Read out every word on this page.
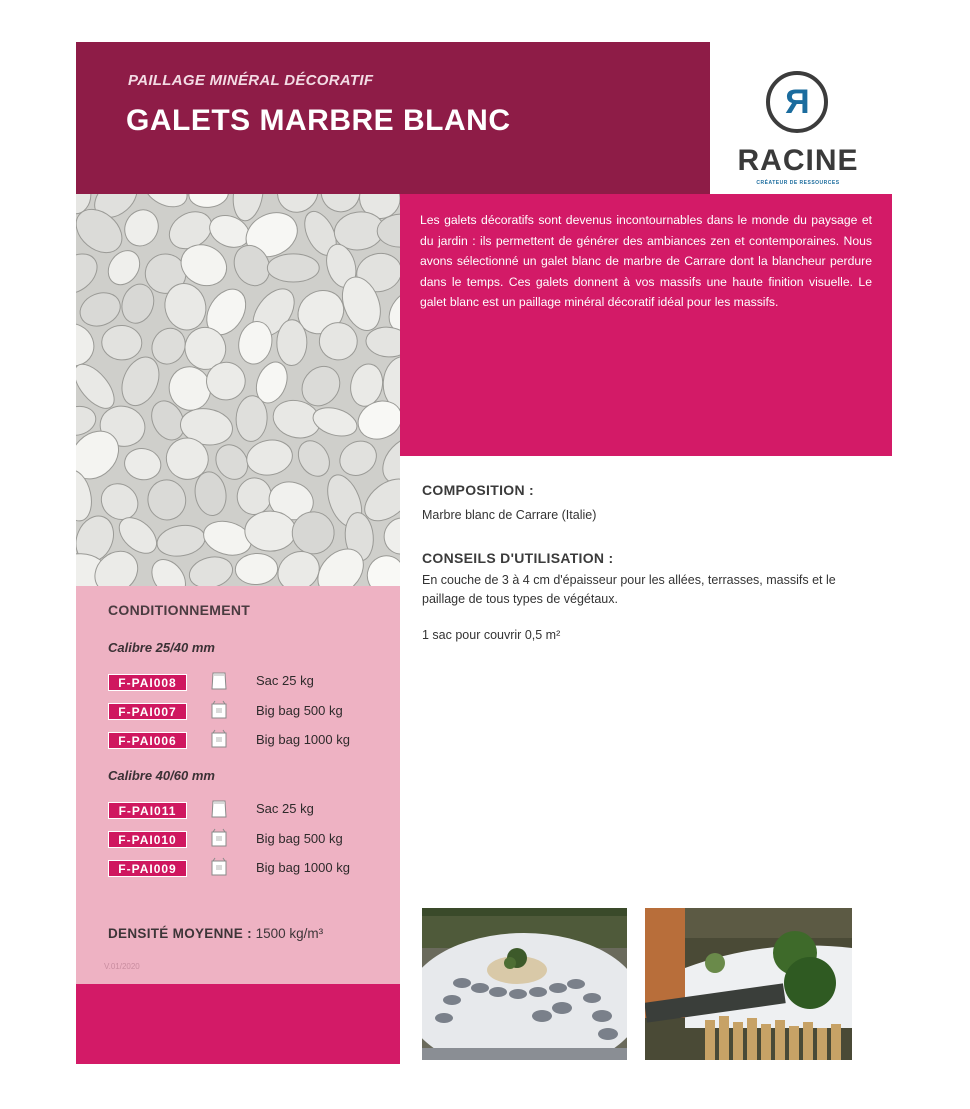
PAILLAGE MINÉRAL DÉCORATIF
GALETS MARBRE BLANC	R
RACINE
CRÉATEUR DE RESSOURCES
Les galets décoratifs sont devenus incontournables dans le monde du paysage et du jardin : ils permettent de générer des ambiances zen et contemporaines. Nous avons sélectionné un galet blanc de marbre de Carrare dont la blancheur perdure dans le temps. Ces galets donnent à vos massifs une haute finition visuelle. Le galet blanc est un paillage minéral décoratif idéal pour les massifs.
COMPOSITION :
Marbre blanc de Carrare (Italie)
CONSEILS D'UTILISATION :
En couche de 3 à 4 cm d'épaisseur pour les allées, terrasses, massifs et le paillage de tous types de végétaux.
1 sac pour couvrir 0,5 m²
CONDITIONNEMENT
Calibre 25/40 mm
F-PAI008	Sac 25 kg
F-PAI007	Big bag 500 kg
F-PAI006	Big bag 1000 kg
Calibre 40/60 mm
F-PAI011	Sac 25 kg
F-PAI010	Big bag 500 kg
F-PAI009	Big bag 1000 kg
DENSITÉ MOYENNE : 1500 kg/m³
V.01/2020
